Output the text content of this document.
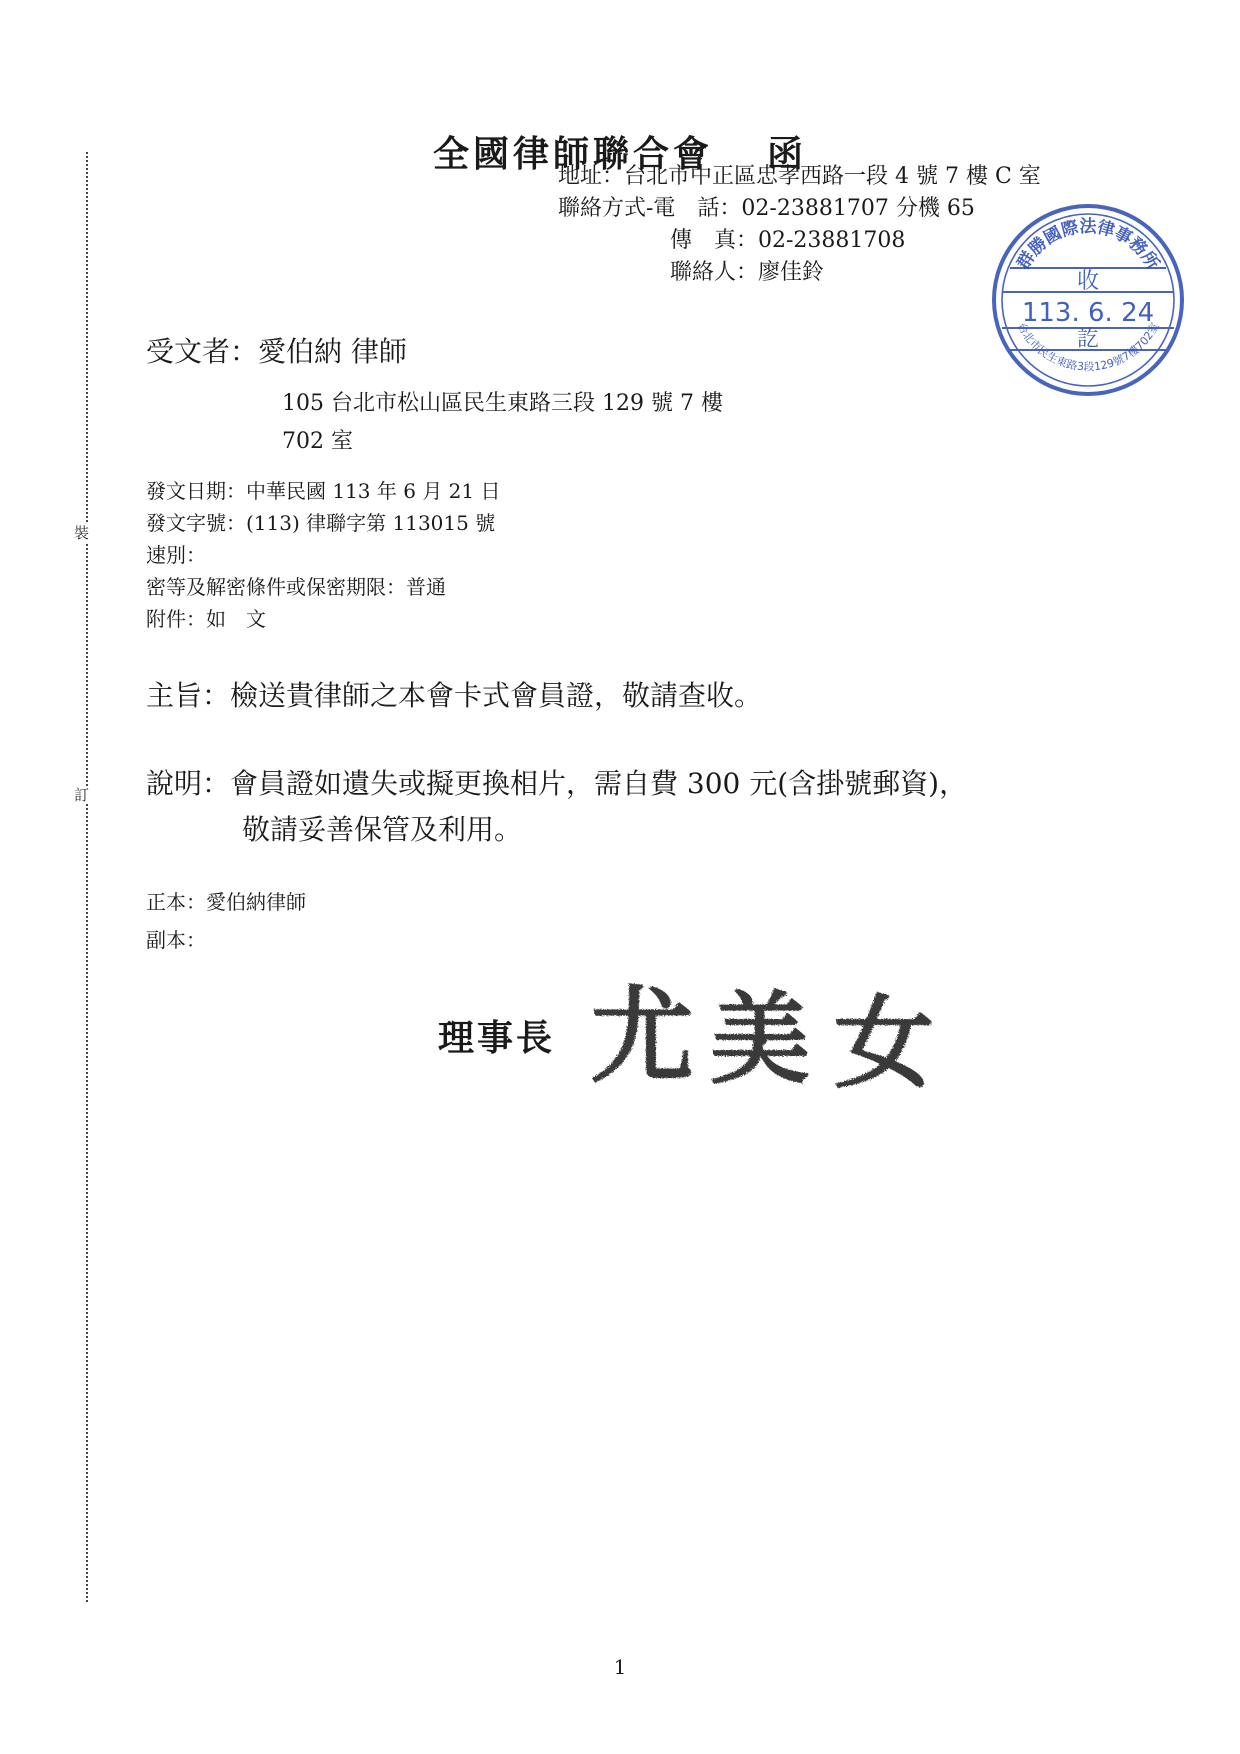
裝
訂
全國律師聯合會 函
地址：台北市中正區忠孝西路一段 4 號 7 樓 C 室
聯絡方式-電　話：02-23881707 分機 65
傳　真：02-23881708
聯絡人：廖佳鈴	群勝國際法律事務所
收
113. 6. 24
訖
台北市民生東路3段129號7樓702室
受文者：愛伯納 律師
105 台北市松山區民生東路三段 129 號 7 樓
702 室
發文日期：中華民國 113 年 6 月 21 日
發文字號：(113) 律聯字第 113015 號
速別：
密等及解密條件或保密期限：普通
附件：如　文
主旨：檢送貴律師之本會卡式會員證，敬請查收。
說明：會員證如遺失或擬更換相片，需自費 300 元(含掛號郵資)，
敬請妥善保管及利用。
正本：愛伯納律師
副本：
理事長 尤 美 女
1
